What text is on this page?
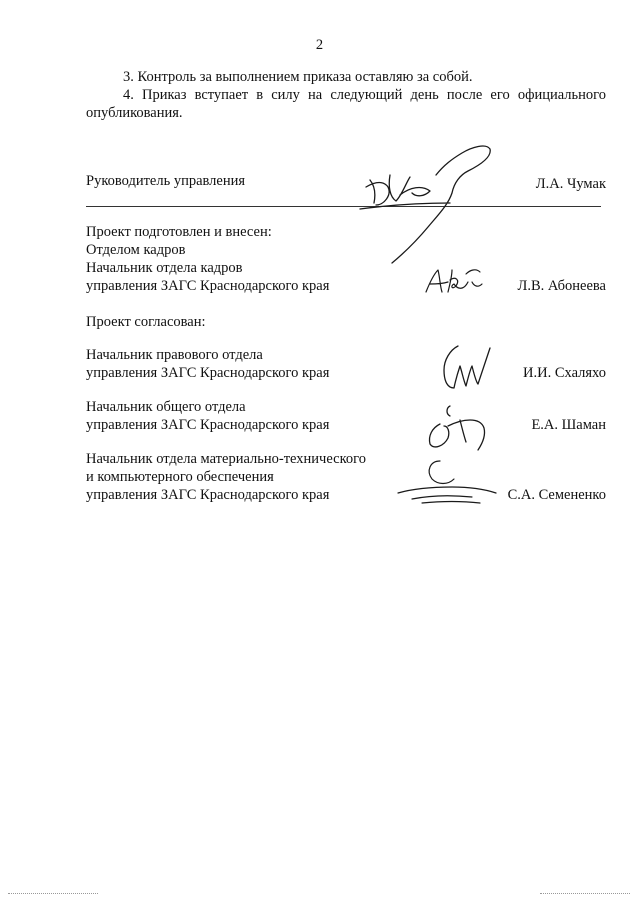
2
3. Контроль за выполнением приказа оставляю за собой.
4. Приказ вступает в силу на следующий день после его официального
опубликования.
Руководитель управления	Л.А. Чумак
Проект подготовлен и внесен:
Отделом кадров
Начальник отдела кадров
управления ЗАГС Краснодарского края	Л.В. Абонеева
Проект согласован:
Начальник правового отдела
управления ЗАГС Краснодарского края	И.И. Схаляхо
Начальник общего отдела
управления ЗАГС Краснодарского края	Е.А. Шаман
Начальник отдела материально-технического
и компьютерного обеспечения
управления ЗАГС Краснодарского края	С.А. Семененко
